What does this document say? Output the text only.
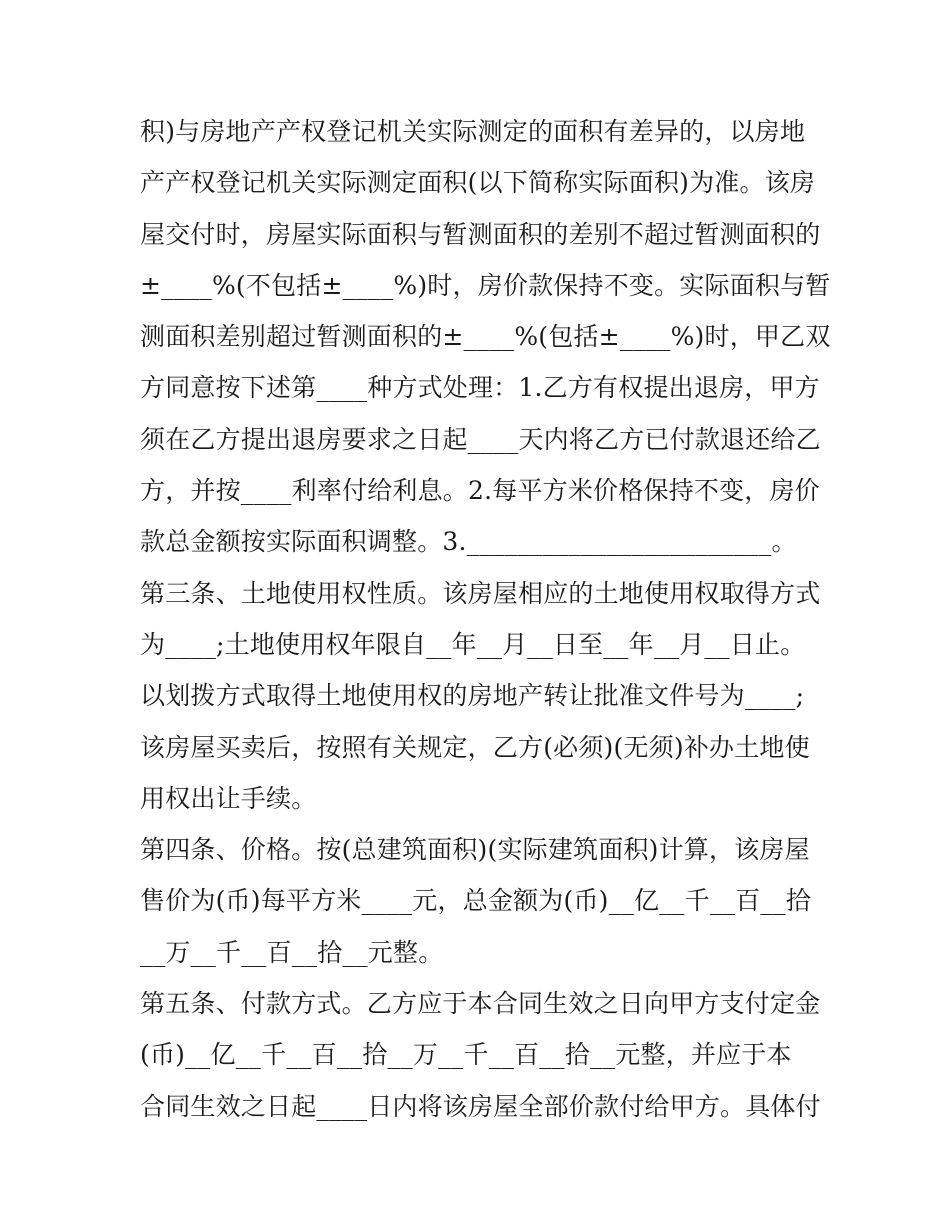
积)与房地产产权登记机关实际测定的面积有差异的，以房地
产产权登记机关实际测定面积(以下简称实际面积)为准。该房
屋交付时，房屋实际面积与暂测面积的差别不超过暂测面积的
±____%(不包括±____%)时，房价款保持不变。实际面积与暂
测面积差别超过暂测面积的±____%(包括±____%)时，甲乙双
方同意按下述第____种方式处理：1.乙方有权提出退房，甲方
须在乙方提出退房要求之日起____天内将乙方已付款退还给乙
方，并按____利率付给利息。2.每平方米价格保持不变，房价
款总金额按实际面积调整。3.________________________。
第三条、土地使用权性质。该房屋相应的土地使用权取得方式
为____;土地使用权年限自__年__月__日至__年__月__日止。
以划拨方式取得土地使用权的房地产转让批准文件号为____;
该房屋买卖后，按照有关规定，乙方(必须)(无须)补办土地使
用权出让手续。
第四条、价格。按(总建筑面积)(实际建筑面积)计算，该房屋
售价为(币)每平方米____元，总金额为(币)__亿__千__百__拾
__万__千__百__拾__元整。
第五条、付款方式。乙方应于本合同生效之日向甲方支付定金
(币)__亿__千__百__拾__万__千__百__拾__元整，并应于本
合同生效之日起____日内将该房屋全部价款付给甲方。具体付
